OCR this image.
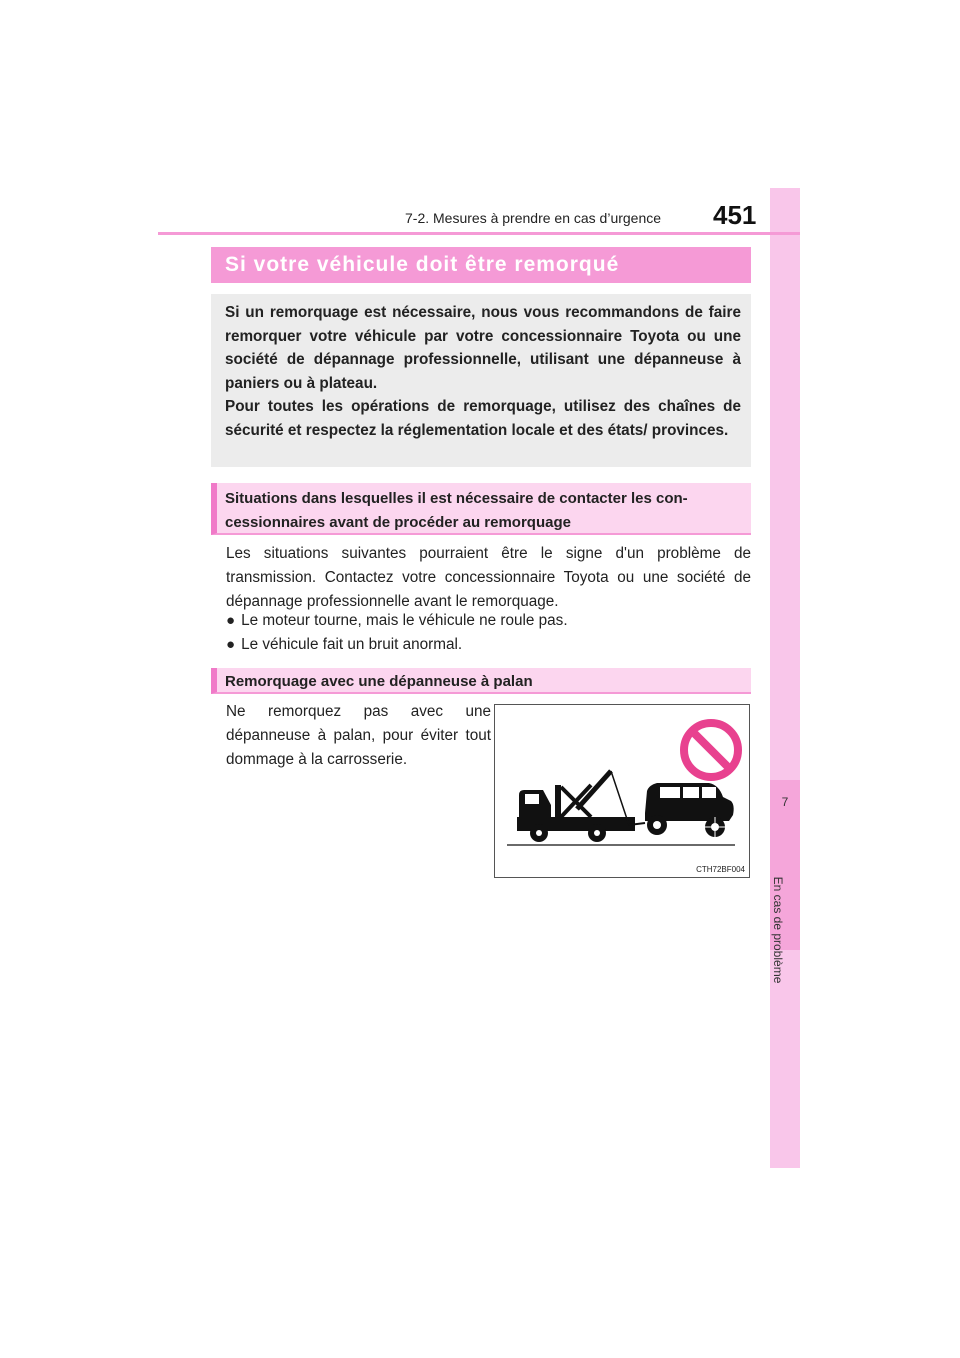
7
En cas de problème
7-2. Mesures à prendre en cas d’urgence 451
Si votre véhicule doit être remorqué

Si un remorquage est nécessaire, nous vous recommandons de faire remorquer votre véhicule par votre concessionnaire Toyota ou une société de dépannage professionnelle, utilisant une dépanneuse à paniers ou à plateau.

Pour toutes les opérations de remorquage, utilisez des chaînes de sécurité et respectez la réglementation locale et des états/ provinces.

Situations dans lesquelles il est nécessaire de contacter les con-
cessionnaires avant de procéder au remorquage

Les situations suivantes pourraient être le signe d'un problème de transmission. Contactez votre concessionnaire Toyota ou une société de dépannage professionnelle avant le remorquage.

● Le moteur tourne, mais le véhicule ne roule pas.
● Le véhicule fait un bruit anormal.
Remorquage avec une dépanneuse à palan

Ne remorquez pas avec une dépanneuse à palan, pour éviter tout dommage à la carrosserie.

CTH72BF004
